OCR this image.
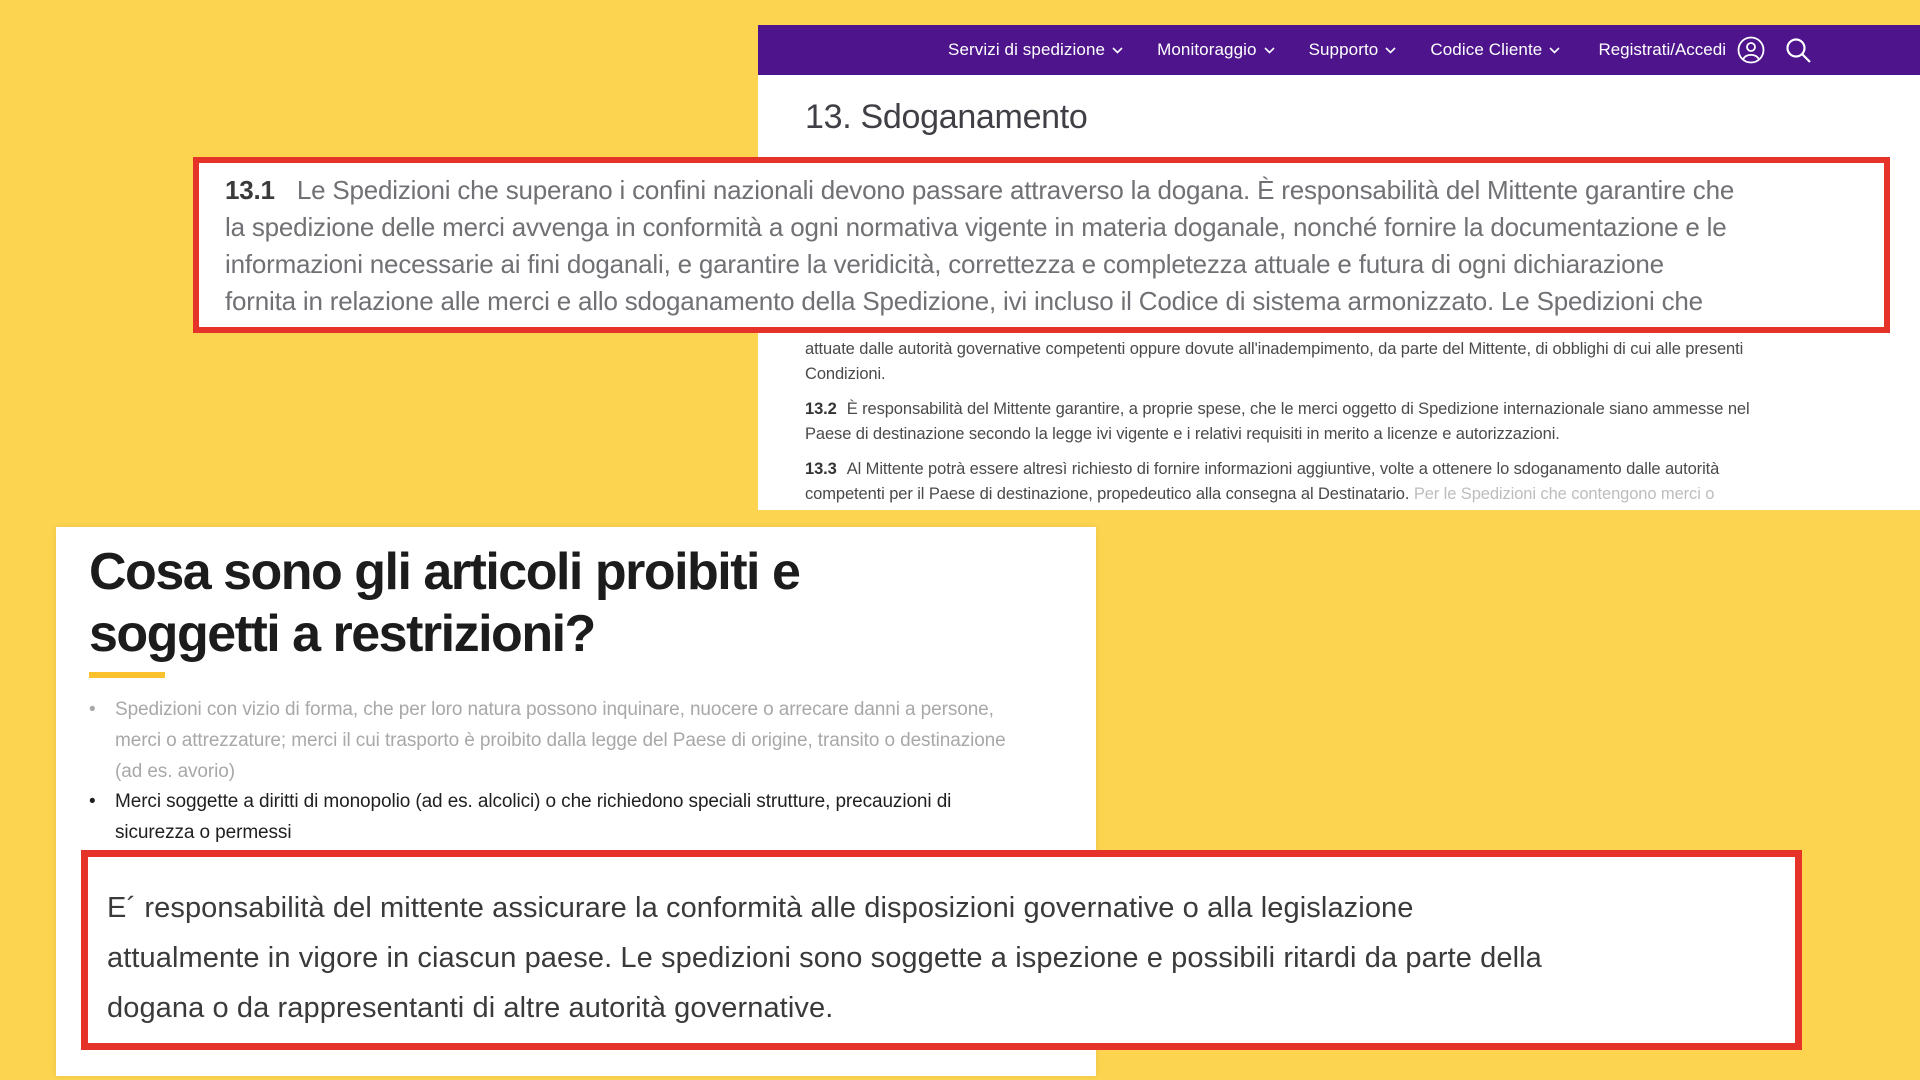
Servizi di spedizione	Monitoraggio	Supporto	Codice Cliente	Registrati/Accedi
13. Sdoganamento
attuate dalle autorità governative competenti oppure dovute all'inadempimento, da parte del Mittente, di obblighi di cui alle presenti
Condizioni.
13.2 È responsabilità del Mittente garantire, a proprie spese, che le merci oggetto di Spedizione internazionale siano ammesse nel
Paese di destinazione secondo la legge ivi vigente e i relativi requisiti in merito a licenze e autorizzazioni.
13.3 Al Mittente potrà essere altresì richiesto di fornire informazioni aggiuntive, volte a ottenere lo sdoganamento dalle autorità
competenti per il Paese di destinazione, propedeutico alla consegna al Destinatario. Per le Spedizioni che contengono merci o
13.1 Le Spedizioni che superano i confini nazionali devono passare attraverso la dogana. È responsabilità del Mittente garantire che
la spedizione delle merci avvenga in conformità a ogni normativa vigente in materia doganale, nonché fornire la documentazione e le
informazioni necessarie ai fini doganali, e garantire la veridicità, correttezza e completezza attuale e futura di ogni dichiarazione
fornita in relazione alle merci e allo sdoganamento della Spedizione, ivi incluso il Codice di sistema armonizzato. Le Spedizioni che
Cosa sono gli articoli proibiti e
soggetti a restrizioni?
•	Spedizioni con vizio di forma, che per loro natura possono inquinare, nuocere o arrecare danni a persone,
merci o attrezzature; merci il cui trasporto è proibito dalla legge del Paese di origine, transito o destinazione
(ad es. avorio)
•	Merci soggette a diritti di monopolio (ad es. alcolici) o che richiedono speciali strutture, precauzioni di
sicurezza o permessi
E´ responsabilità del mittente assicurare la conformità alle disposizioni governative o alla legislazione
attualmente in vigore in ciascun paese. Le spedizioni sono soggette a ispezione e possibili ritardi da parte della
dogana o da rappresentanti di altre autorità governative.
